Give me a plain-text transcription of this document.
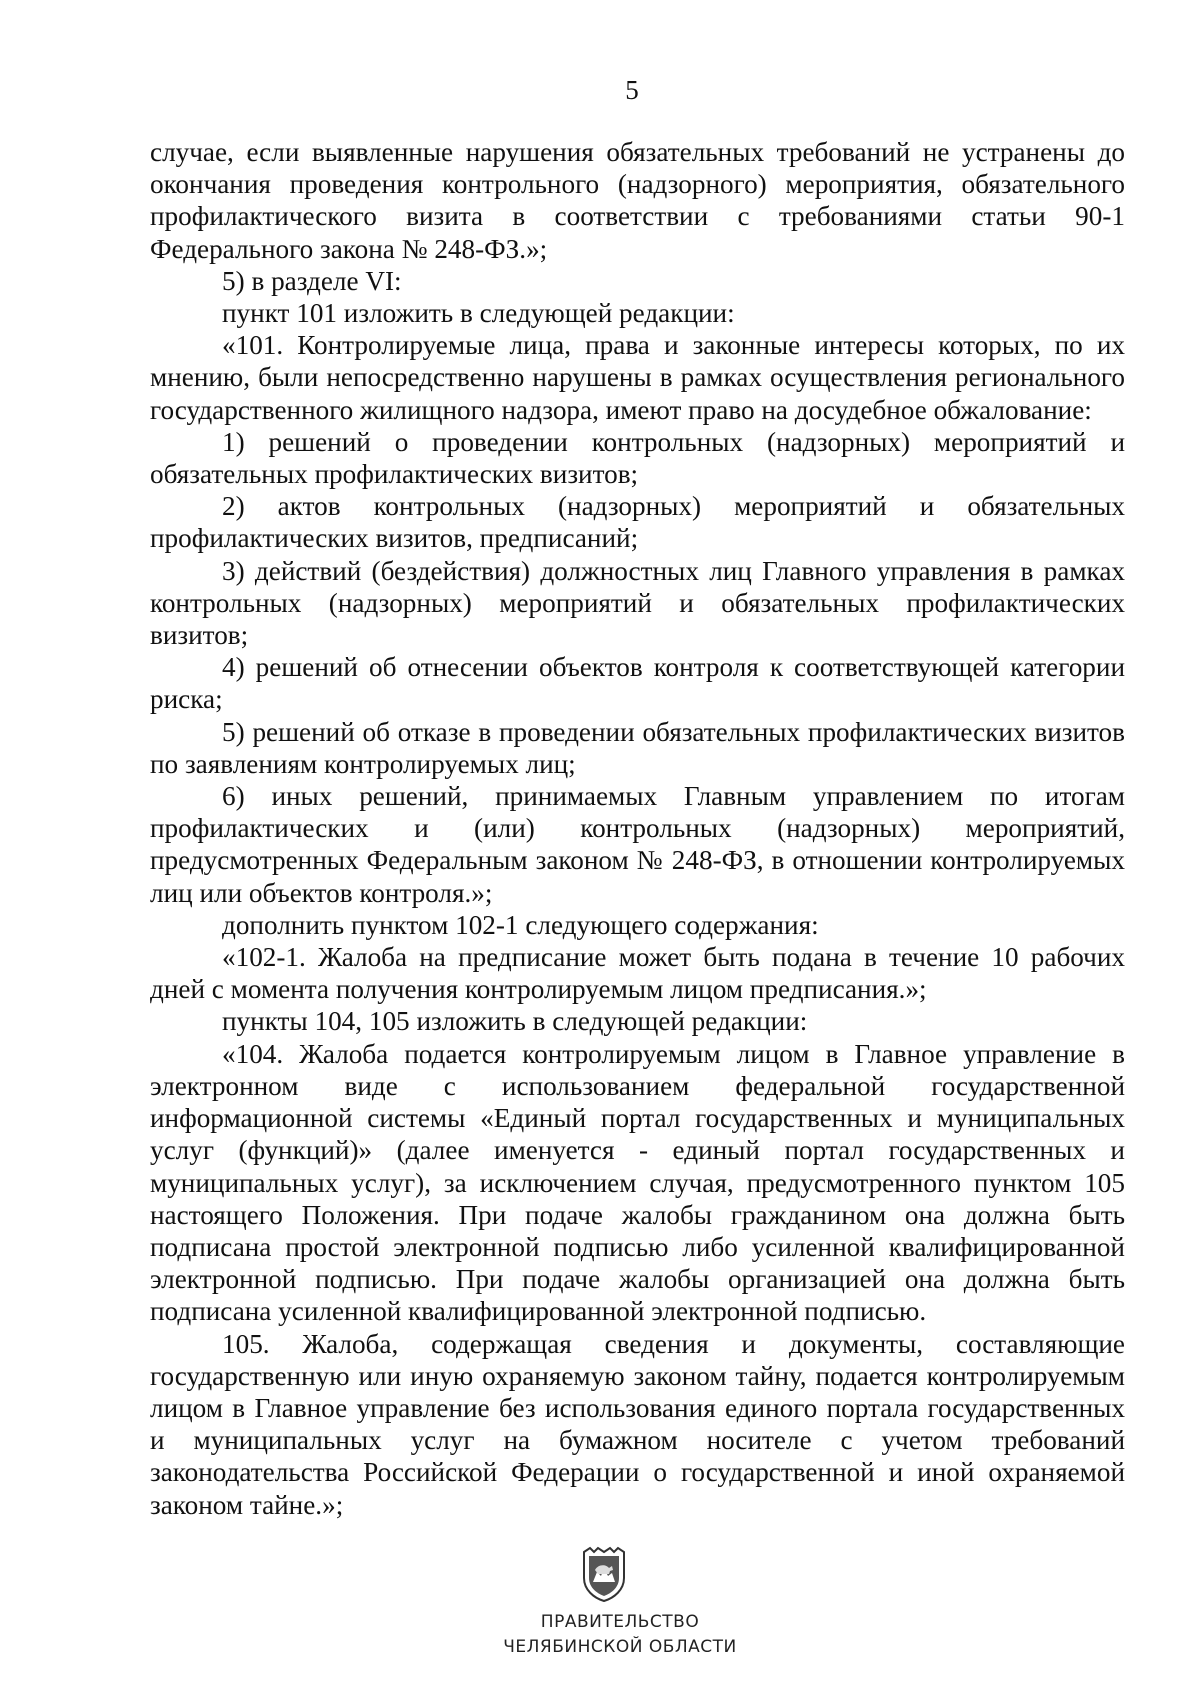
5

случае, если выявленные нарушения обязательных требований не устранены до окончания проведения контрольного (надзорного) мероприятия, обязательного профилактического визита в соответствии с требованиями статьи 90-1 Федерального закона № 248-ФЗ.»;

5) в разделе VI:

пункт 101 изложить в следующей редакции:

«101. Контролируемые лица, права и законные интересы которых, по их мнению, были непосредственно нарушены в рамках осуществления регионального государственного жилищного надзора, имеют право на досудебное обжалование:

1) решений о проведении контрольных (надзорных) мероприятий и обязательных профилактических визитов;

2) актов контрольных (надзорных) мероприятий и обязательных профилактических визитов, предписаний;

3) действий (бездействия) должностных лиц Главного управления в рамках контрольных (надзорных) мероприятий и обязательных профилактических визитов;

4) решений об отнесении объектов контроля к соответствующей категории риска;

5) решений об отказе в проведении обязательных профилактических визитов по заявлениям контролируемых лиц;

6) иных решений, принимаемых Главным управлением по итогам профилактических и (или) контрольных (надзорных) мероприятий, предусмотренных Федеральным законом № 248-ФЗ, в отношении контролируемых лиц или объектов контроля.»;

дополнить пунктом 102-1 следующего содержания:

«102-1. Жалоба на предписание может быть подана в течение 10 рабочих дней с момента получения контролируемым лицом предписания.»;

пункты 104, 105 изложить в следующей редакции:

«104. Жалоба подается контролируемым лицом в Главное управление в электронном виде с использованием федеральной государственной информационной системы «Единый портал государственных и муниципальных услуг (функций)» (далее именуется - единый портал государственных и муниципальных услуг), за исключением случая, предусмотренного пунктом 105 настоящего Положения. При подаче жалобы гражданином она должна быть подписана простой электронной подписью либо усиленной квалифицированной электронной подписью. При подаче жалобы организацией она должна быть подписана усиленной квалифицированной электронной подписью.

105. Жалоба, содержащая сведения и документы, составляющие государственную или иную охраняемую законом тайну, подается контролируемым лицом в Главное управление без использования единого портала государственных и муниципальных услуг на бумажном носителе с учетом требований законодательства Российской Федерации о государственной и иной охраняемой законом тайне.»;

ПРАВИТЕЛЬСТВО
ЧЕЛЯБИНСКОЙ ОБЛАСТИ
